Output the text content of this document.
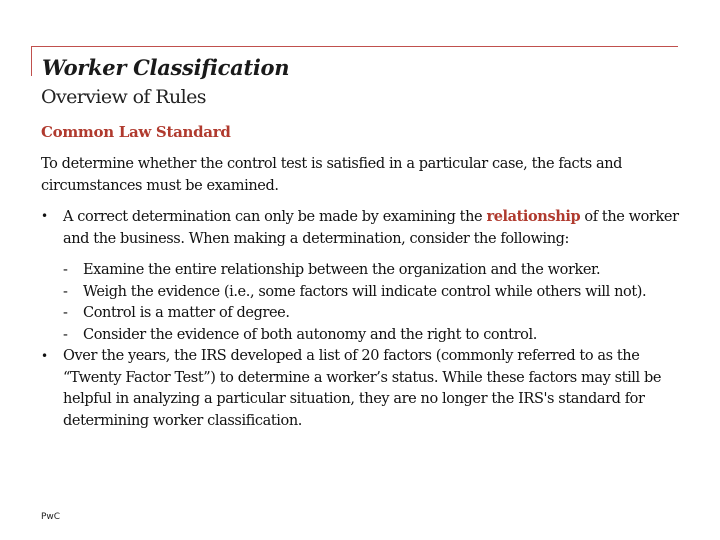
Worker Classification
Overview of Rules
Common Law Standard

To determine whether the control test is satisfied in a particular case, the facts and circumstances must be examined.

•	A correct determination can only be made by examining the relationship of the worker and the business. When making a determination, consider the following:
- Examine the entire relationship between the organization and the worker.
- Weigh the evidence (i.e., some factors will indicate control while others will not).
- Control is a matter of degree.
- Consider the evidence of both autonomy and the right to control.
•	Over the years, the IRS developed a list of 20 factors (commonly referred to as the “Twenty Factor Test”) to determine a worker’s status. While these factors may still be helpful in analyzing a particular situation, they are no longer the IRS's standard for determining worker classification.
PwC
